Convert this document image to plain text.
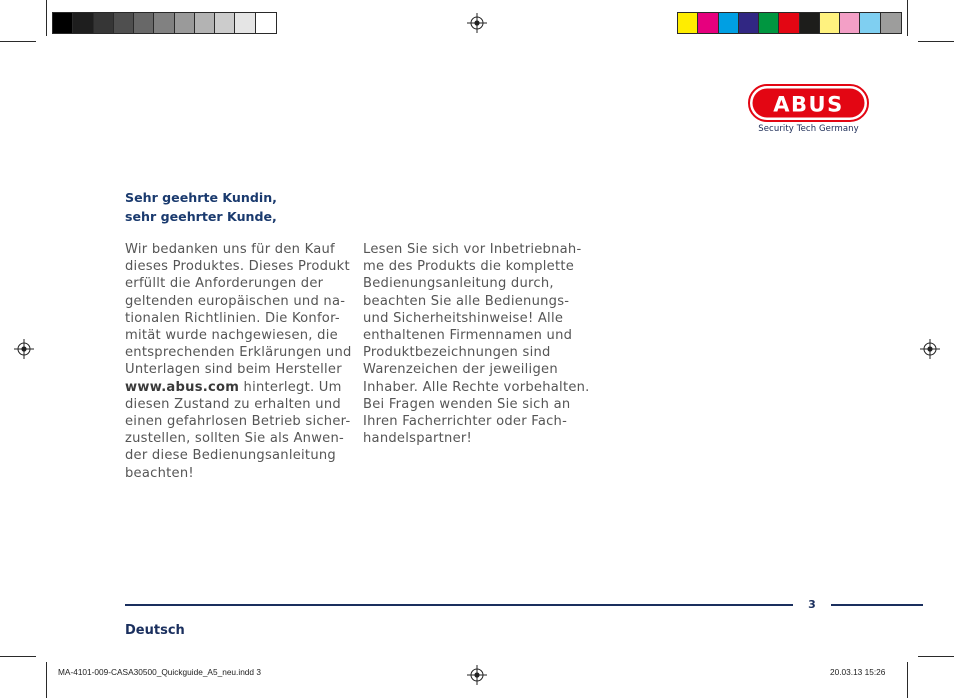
ABUS
Security Tech Germany
Sehr geehrte Kundin,
sehr geehrter Kunde,
Wir bedanken uns für den Kauf
dieses Produktes. Dieses Produkt
erfüllt die Anforderungen der
geltenden europäischen und na-
tionalen Richtlinien. Die Konfor-
mität wurde nachgewiesen, die
entsprechenden Erklärungen und
Unterlagen sind beim Hersteller
www.abus.com hinterlegt. Um
diesen Zustand zu erhalten und
einen gefahrlosen Betrieb sicher-
zustellen, sollten Sie als Anwen-
der diese Bedienungsanleitung
beachten!
Lesen Sie sich vor Inbetriebnah-
me des Produkts die komplette
Bedienungsanleitung durch,
beachten Sie alle Bedienungs-
und Sicherheitshinweise! Alle
enthaltenen Firmennamen und
Produktbezeichnungen sind
Warenzeichen der jeweiligen
Inhaber. Alle Rechte vorbehalten.
Bei Fragen wenden Sie sich an
Ihren Facherrichter oder Fach-
handelspartner!
3
Deutsch
MA-4101-009-CASA30500_Quickguide_A5_neu.indd 3	20.03.13 15:26
